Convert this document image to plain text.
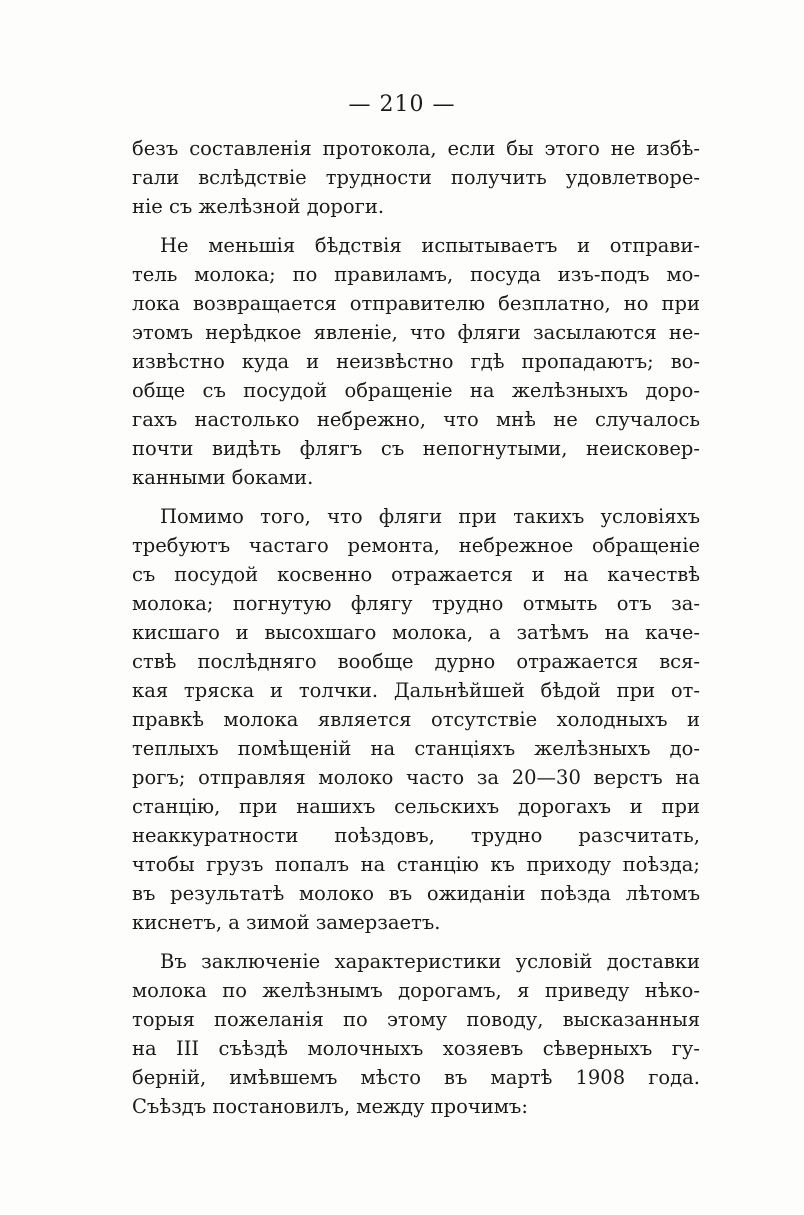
— 210 —
безъ составленія протокола, если бы этого не избѣ-
гали вслѣдствіе трудности получить удовлетворе-
ніе съ желѣзной дороги.
Не меньшія бѣдствія испытываетъ и отправи-
тель молока; по правиламъ, посуда изъ-подъ мо-
лока возвращается отправителю безплатно, но при
этомъ нерѣдкое явленіе, что фляги засылаются не-
извѣстно куда и неизвѣстно гдѣ пропадаютъ; во-
обще съ посудой обращеніе на желѣзныхъ доро-
гахъ настолько небрежно, что мнѣ не случалось
почти видѣть флягъ съ непогнутыми, неисковер-
канными боками.
Помимо того, что фляги при такихъ условіяхъ
требуютъ частаго ремонта, небрежное обращеніе
съ посудой косвенно отражается и на качествѣ
молока; погнутую флягу трудно отмыть отъ за-
кисшаго и высохшаго молока, а затѣмъ на каче-
ствѣ послѣдняго вообще дурно отражается вся-
кая тряска и толчки. Дальнѣйшей бѣдой при от-
правкѣ молока является отсутствіе холодныхъ и
теплыхъ помѣщеній на станціяхъ желѣзныхъ до-
рогъ; отправляя молоко часто за 20—30 верстъ на
станцію, при нашихъ сельскихъ дорогахъ и при
неаккуратности поѣздовъ, трудно разсчитать,
чтобы грузъ попалъ на станцію къ приходу поѣзда;
въ результатѣ молоко въ ожиданіи поѣзда лѣтомъ
киснетъ, а зимой замерзаетъ.
Въ заключеніе характеристики условій доставки
молока по желѣзнымъ дорогамъ, я приведу нѣко-
торыя пожеланія по этому поводу, высказанныя
на III съѣздѣ молочныхъ хозяевъ сѣверныхъ гу-
берній, имѣвшемъ мѣсто въ мартѣ 1908 года.
Съѣздъ постановилъ, между прочимъ:
